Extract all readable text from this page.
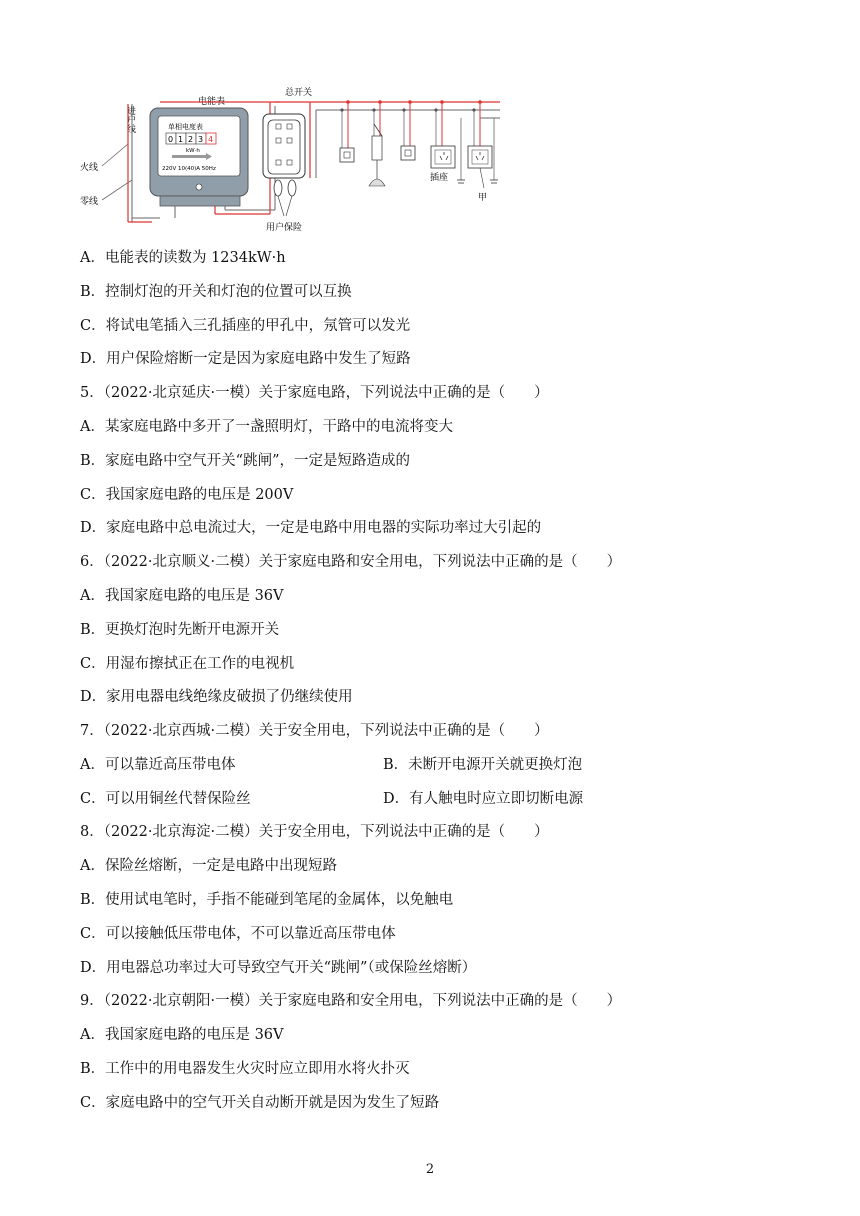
进户线
电能表
总开关
火线
零线
单相电度表
0 1 2 3 4
kW·h
220V 10(40)A 50Hz
用户保险
插座
甲
A．电能表的读数为 1234kW·h
B．控制灯泡的开关和灯泡的位置可以互换
C．将试电笔插入三孔插座的甲孔中，氖管可以发光
D．用户保险熔断一定是因为家庭电路中发生了短路
5．（2022·北京延庆·一模）关于家庭电路，下列说法中正确的是（　　）
A．某家庭电路中多开了一盏照明灯，干路中的电流将变大
B．家庭电路中空气开关“跳闸”，一定是短路造成的
C．我国家庭电路的电压是 200V
D．家庭电路中总电流过大，一定是电路中用电器的实际功率过大引起的
6．（2022·北京顺义·二模）关于家庭电路和安全用电，下列说法中正确的是（　　）
A．我国家庭电路的电压是 36V
B．更换灯泡时先断开电源开关
C．用湿布擦拭正在工作的电视机
D．家用电器电线绝缘皮破损了仍继续使用
7．（2022·北京西城·二模）关于安全用电，下列说法中正确的是（　　）
A．可以靠近高压带电体	B．未断开电源开关就更换灯泡
C．可以用铜丝代替保险丝	D．有人触电时应立即切断电源
8．（2022·北京海淀·二模）关于安全用电，下列说法中正确的是（　　）
A．保险丝熔断，一定是电路中出现短路
B．使用试电笔时，手指不能碰到笔尾的金属体，以免触电
C．可以接触低压带电体，不可以靠近高压带电体
D．用电器总功率过大可导致空气开关“跳闸”（或保险丝熔断）
9．（2022·北京朝阳·一模）关于家庭电路和安全用电，下列说法中正确的是（　　）
A．我国家庭电路的电压是 36V
B．工作中的用电器发生火灾时应立即用水将火扑灭
C．家庭电路中的空气开关自动断开就是因为发生了短路
2
